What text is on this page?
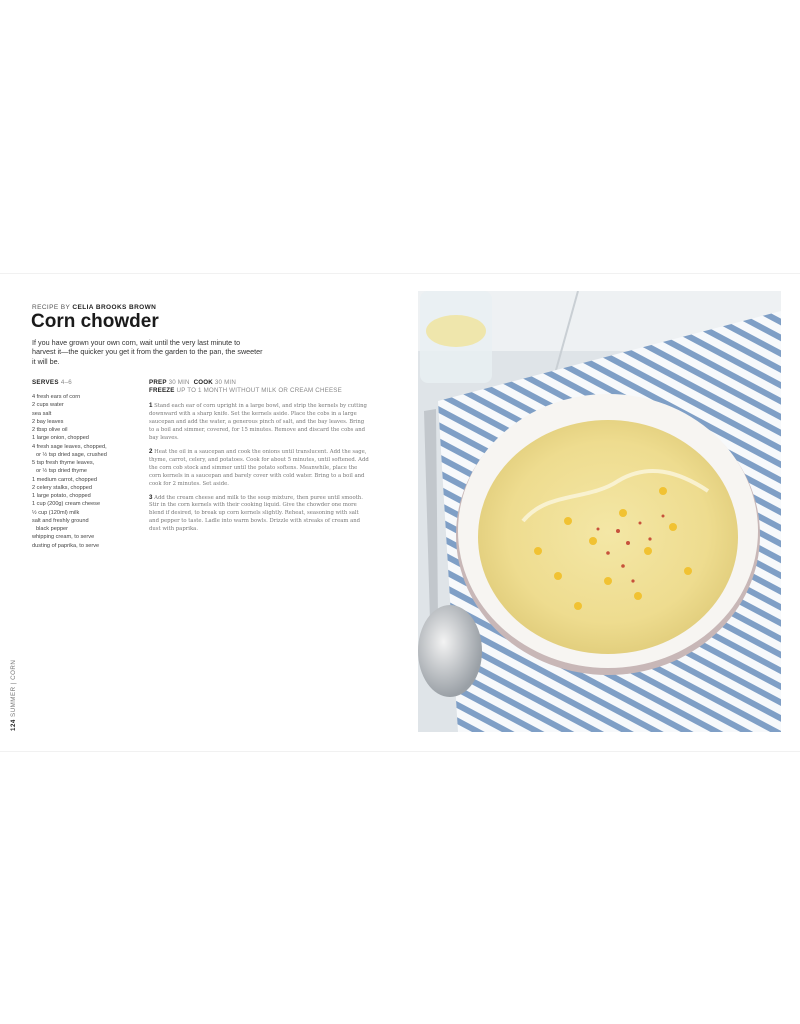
RECIPE BY CELIA BROOKS BROWN
Corn chowder

If you have grown your own corn, wait until the very last minute to harvest it—the quicker you get it from the garden to the pan, the sweeter it will be.

SERVES 4–6
4 fresh ears of corn
2 cups water
sea salt
2 bay leaves
2 tbsp olive oil
1 large onion, chopped
4 fresh sage leaves, chopped,
or ½ tsp dried sage, crushed
5 tsp fresh thyme leaves,
or ½ tsp dried thyme
1 medium carrot, chopped
2 celery stalks, chopped
1 large potato, chopped
1 cup (200g) cream cheese
½ cup (120ml) milk
salt and freshly ground
black pepper
whipping cream, to serve
dusting of paprika, to serve
PREP 30 MIN COOK 30 MIN
FREEZE UP TO 1 MONTH WITHOUT MILK OR CREAM CHEESE

1 Stand each ear of corn upright in a large bowl, and strip the kernels by cutting downward with a sharp knife. Set the kernels aside. Place the cobs in a large saucepan and add the water, a generous pinch of salt, and the bay leaves. Bring to a boil and simmer, covered, for 15 minutes. Remove and discard the cobs and bay leaves.

2 Heat the oil in a saucepan and cook the onions until translucent. Add the sage, thyme, carrot, celery, and potatoes. Cook for about 5 minutes, until softened. Add the corn cob stock and simmer until the potato softens. Meanwhile, place the corn kernels in a saucepan and barely cover with cold water. Bring to a boil and cook for 2 minutes. Set aside.

3 Add the cream cheese and milk to the soup mixture, then puree until smooth. Stir in the corn kernels with their cooking liquid. Give the chowder one more blend if desired, to break up corn kernels slightly. Reheat, seasoning with salt and pepper to taste. Ladle into warm bowls. Drizzle with streaks of cream and dust with paprika.

124 SUMMER | CORN
